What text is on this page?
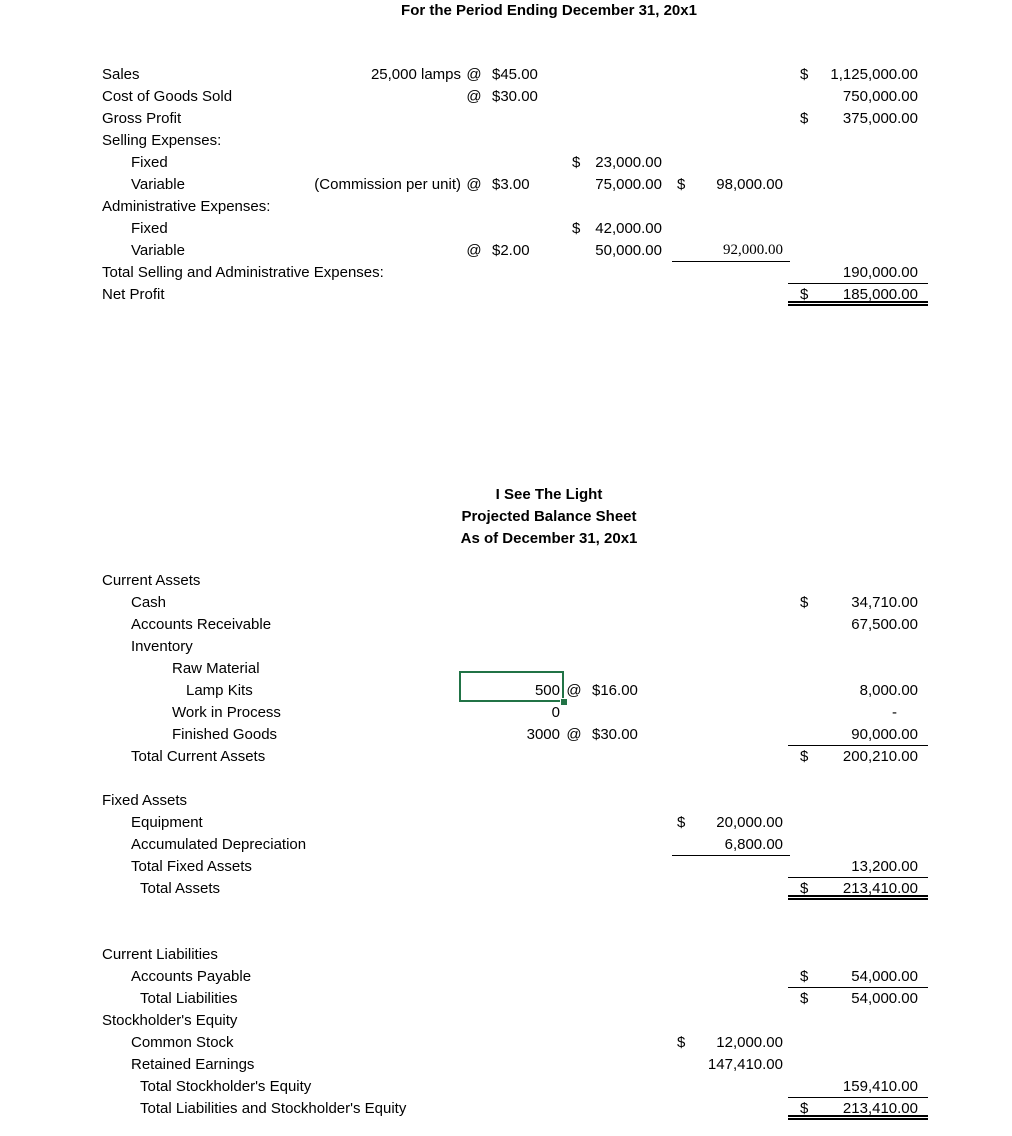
For the Period Ending December 31, 20x1
Sales	25,000 lamps @ $45.00	$ 1,125,000.00
Cost of Goods Sold	@ $30.00	750,000.00
Gross Profit	$ 375,000.00
Selling Expenses:
Fixed	$ 23,000.00
Variable	(Commission per unit) @ $3.00	75,000.00 $ 98,000.00
Administrative Expenses:
Fixed	$ 42,000.00
Variable	@ $2.00	50,000.00	92,000.00
Total Selling and Administrative Expenses:	190,000.00
Net Profit	$ 185,000.00
I See The Light
Projected Balance Sheet
As of December 31, 20x1
Current Assets
Cash	$	34,710.00
Accounts Receivable	67,500.00
Inventory
Raw Material
Lamp Kits	500 @ $16.00	8,000.00
Work in Process	0	-
Finished Goods	3000 @ $30.00	90,000.00
Total Current Assets	$ 200,210.00
Fixed Assets
Equipment	$ 20,000.00
Accumulated Depreciation	6,800.00
Total Fixed Assets	13,200.00
Total Assets	$ 213,410.00
Current Liabilities
Accounts Payable	$	54,000.00
Total Liabilities	$	54,000.00
Stockholder's Equity
Common Stock	$ 12,000.00
Retained Earnings	147,410.00
Total Stockholder's Equity	159,410.00
Total Liabilities and Stockholder's Equity	$ 213,410.00
